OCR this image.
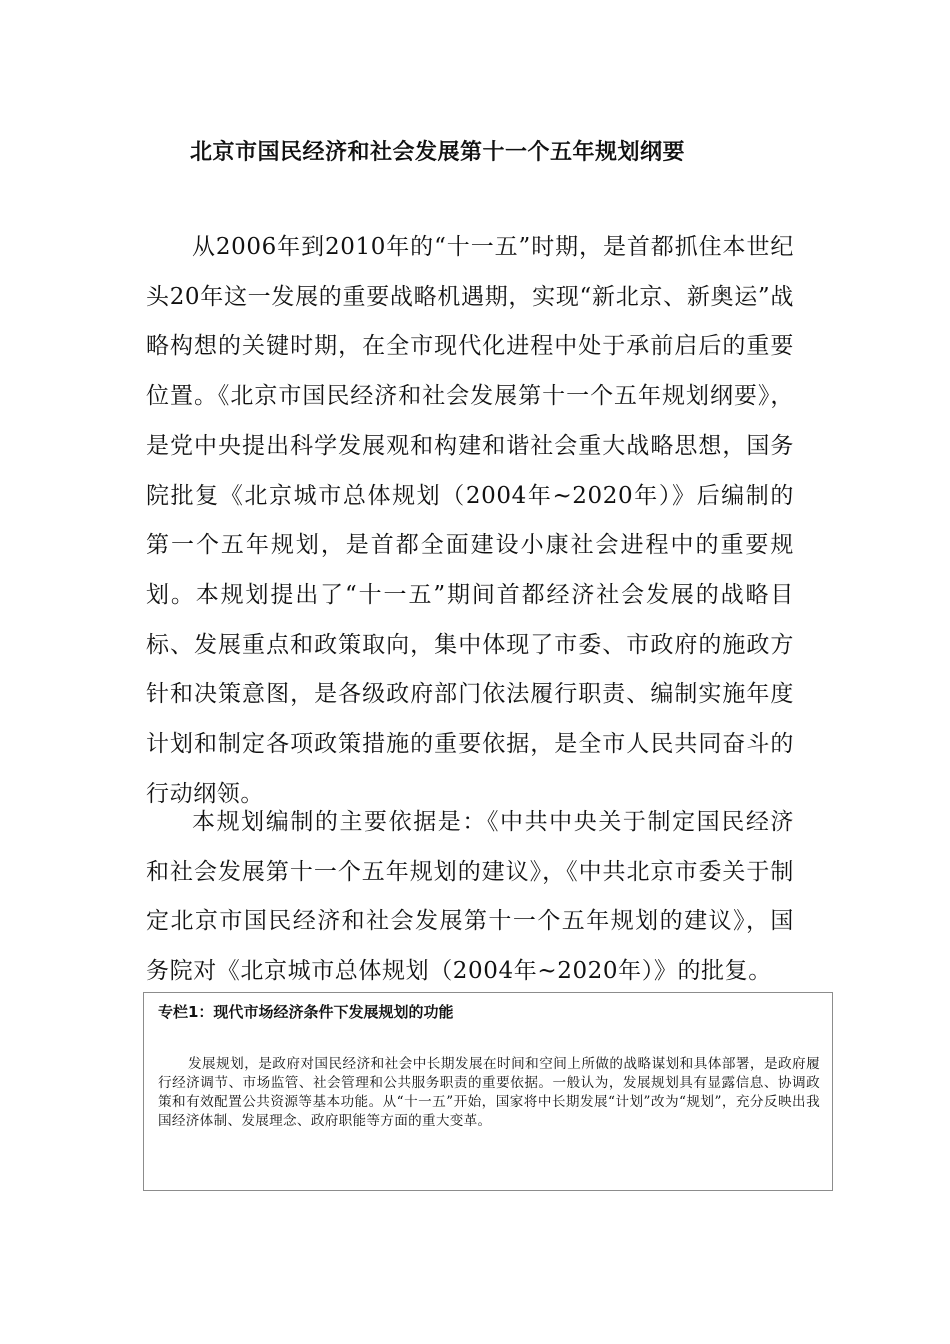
北京市国民经济和社会发展第十一个五年规划纲要

从2006年到2010年的“十一五”时期，是首都抓住本世纪头20年这一发展的重要战略机遇期，实现“新北京、新奥运”战略构想的关键时期，在全市现代化进程中处于承前启后的重要位置。《北京市国民经济和社会发展第十一个五年规划纲要》，是党中央提出科学发展观和构建和谐社会重大战略思想，国务院批复《北京城市总体规划（2004年~2020年）》后编制的第一个五年规划，是首都全面建设小康社会进程中的重要规划。本规划提出了“十一五”期间首都经济社会发展的战略目标、发展重点和政策取向，集中体现了市委、市政府的施政方针和决策意图，是各级政府部门依法履行职责、编制实施年度计划和制定各项政策措施的重要依据，是全市人民共同奋斗的行动纲领。

本规划编制的主要依据是：《中共中央关于制定国民经济和社会发展第十一个五年规划的建议》，《中共北京市委关于制定北京市国民经济和社会发展第十一个五年规划的建议》，国务院对《北京城市总体规划（2004年~2020年）》的批复。

专栏1：现代市场经济条件下发展规划的功能

发展规划，是政府对国民经济和社会中长期发展在时间和空间上所做的战略谋划和具体部署，是政府履行经济调节、市场监管、社会管理和公共服务职责的重要依据。一般认为，发展规划具有显露信息、协调政策和有效配置公共资源等基本功能。从“十一五”开始，国家将中长期发展“计划”改为“规划”，充分反映出我国经济体制、发展理念、政府职能等方面的重大变革。
